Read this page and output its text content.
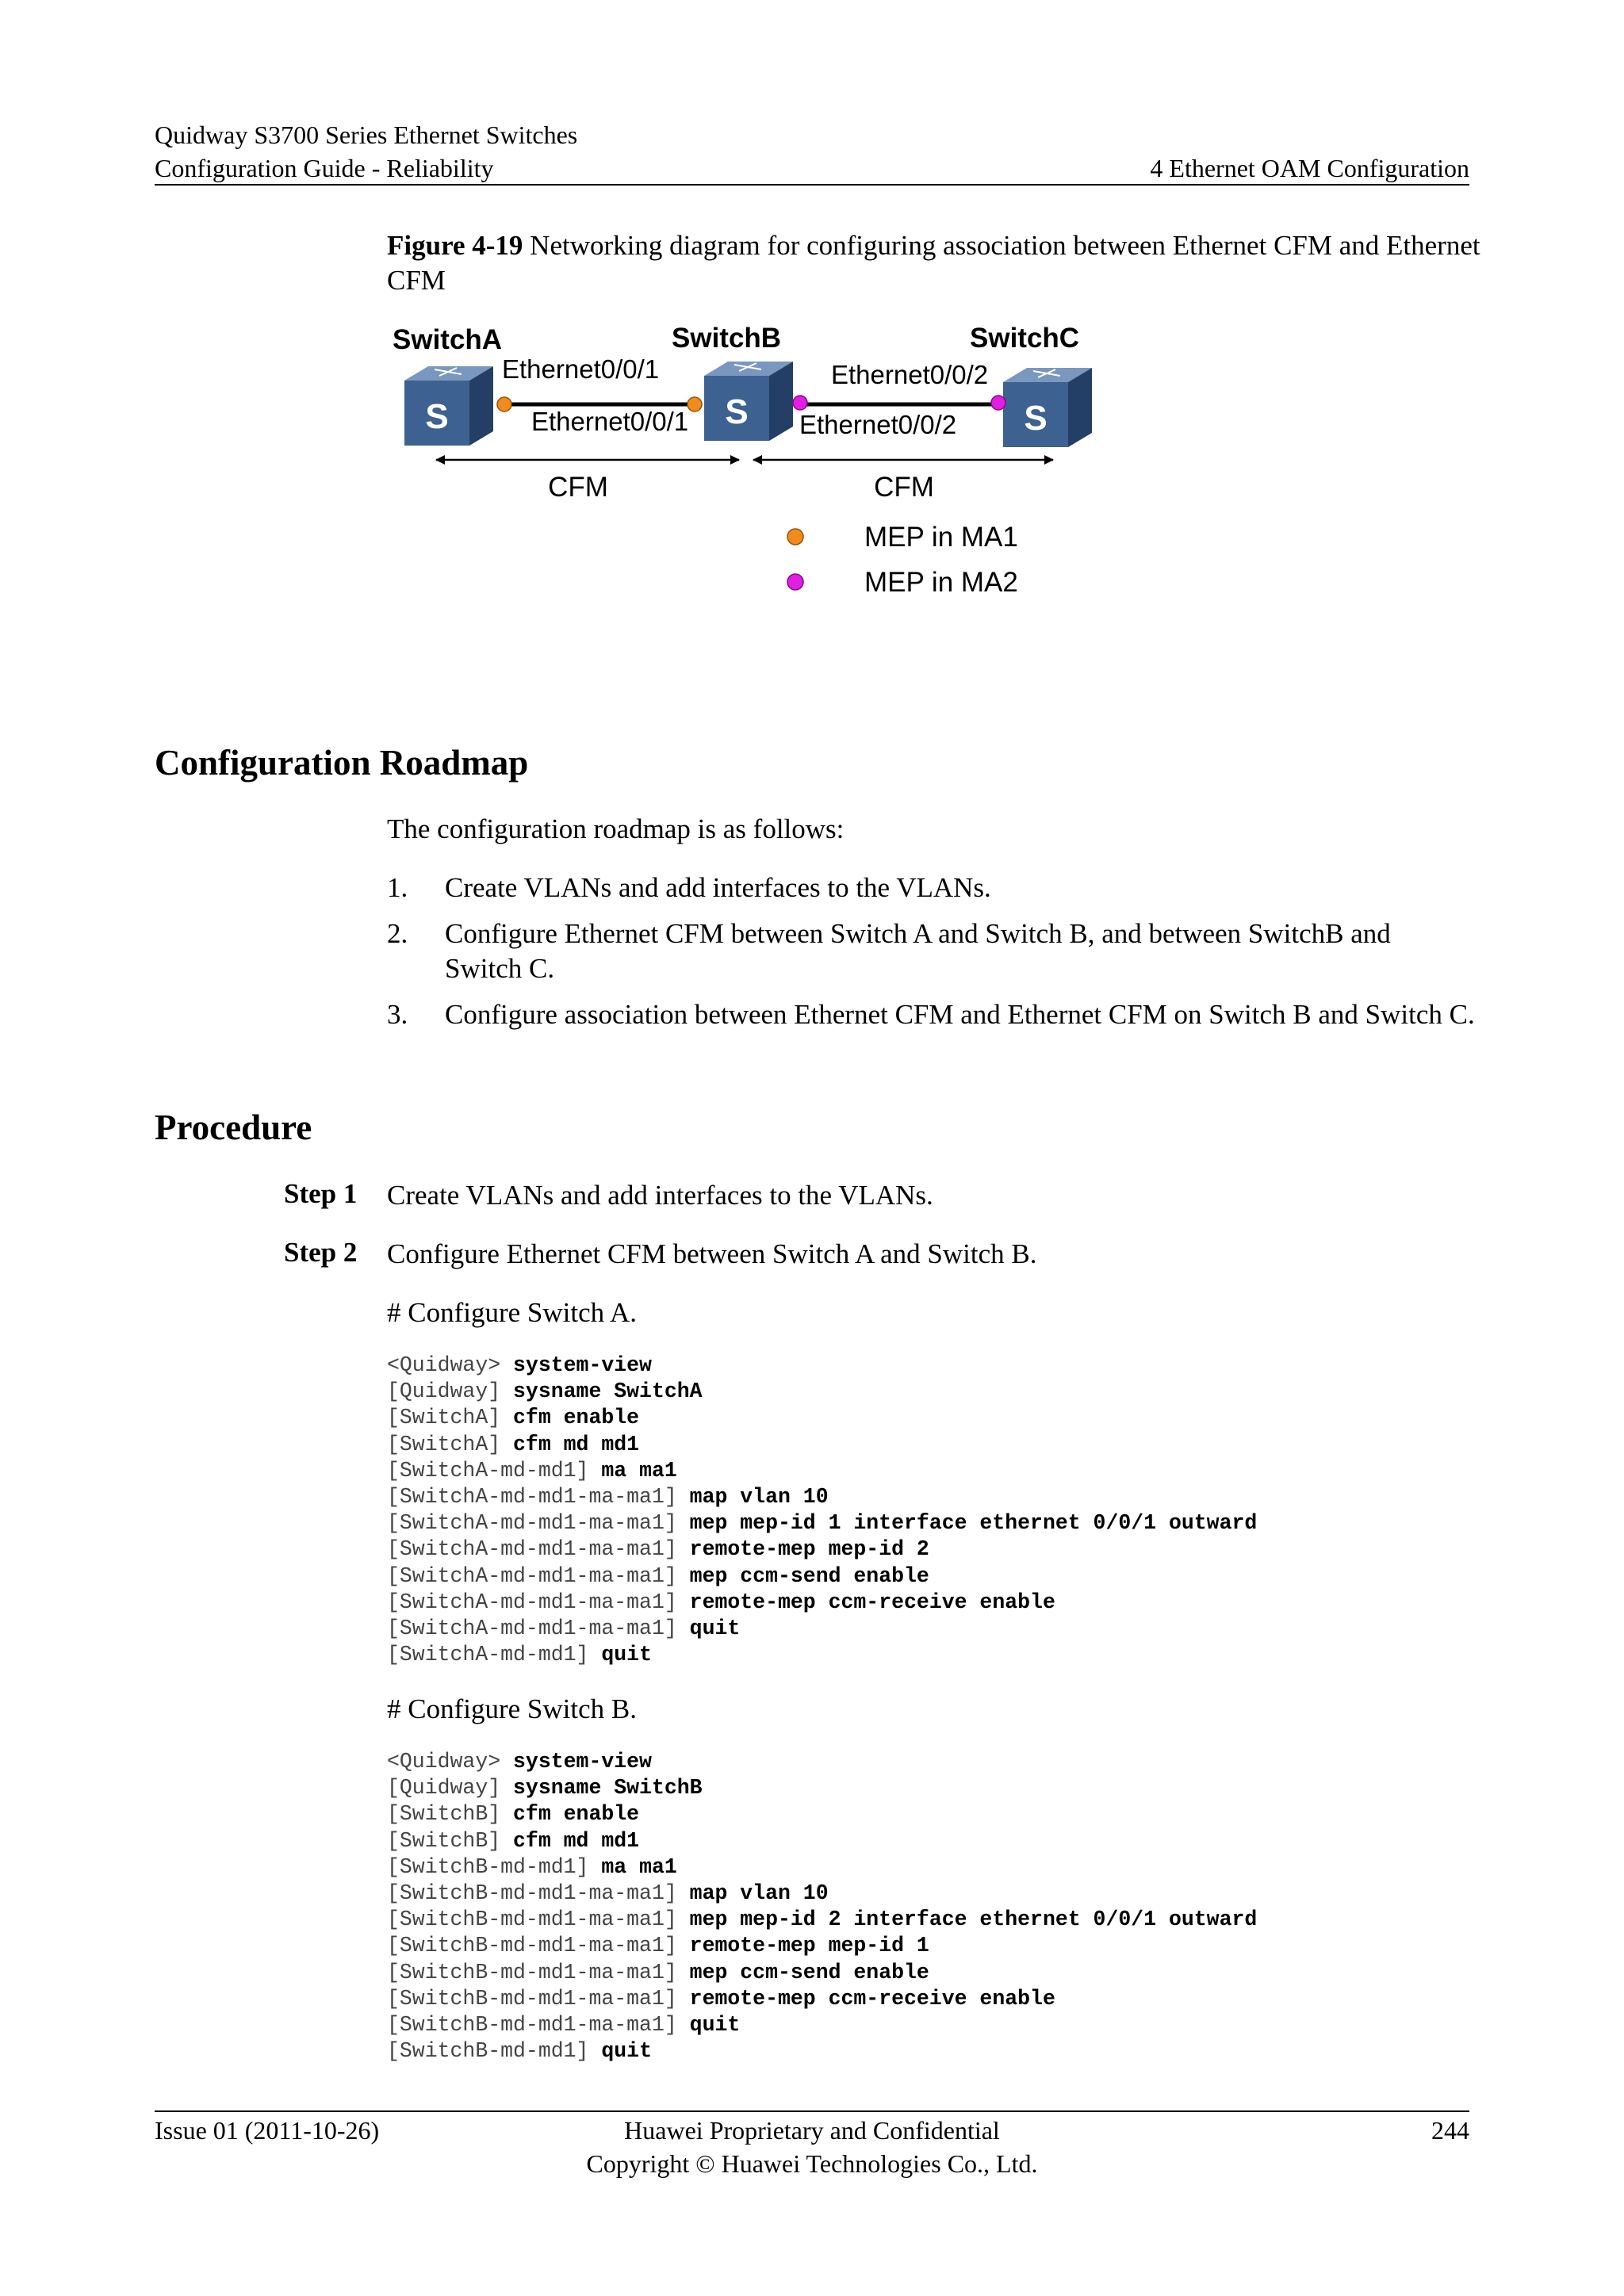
Quidway S3700 Series Ethernet Switches
Configuration Guide - Reliability	4 Ethernet OAM Configuration
Figure 4-19 Networking diagram for configuring association between Ethernet CFM and Ethernet CFM
SwitchA	SwitchB	SwitchC
S	S	S
Ethernet0/0/1
Ethernet0/0/1
Ethernet0/0/2
Ethernet0/0/2
CFM	CFM
MEP in MA1
MEP in MA2
Configuration Roadmap
The configuration roadmap is as follows:
1. Create VLANs and add interfaces to the VLANs.
2. Configure Ethernet CFM between Switch A and Switch B, and between SwitchB and Switch C.
3. Configure association between Ethernet CFM and Ethernet CFM on Switch B and Switch C.
Procedure
Step 1 Create VLANs and add interfaces to the VLANs.
Step 2 Configure Ethernet CFM between Switch A and Switch B.
# Configure Switch A.
<Quidway> system-view
[Quidway] sysname SwitchA
[SwitchA] cfm enable
[SwitchA] cfm md md1
[SwitchA-md-md1] ma ma1
[SwitchA-md-md1-ma-ma1] map vlan 10
[SwitchA-md-md1-ma-ma1] mep mep-id 1 interface ethernet 0/0/1 outward
[SwitchA-md-md1-ma-ma1] remote-mep mep-id 2
[SwitchA-md-md1-ma-ma1] mep ccm-send enable
[SwitchA-md-md1-ma-ma1] remote-mep ccm-receive enable
[SwitchA-md-md1-ma-ma1] quit
[SwitchA-md-md1] quit
# Configure Switch B.
<Quidway> system-view
[Quidway] sysname SwitchB
[SwitchB] cfm enable
[SwitchB] cfm md md1
[SwitchB-md-md1] ma ma1
[SwitchB-md-md1-ma-ma1] map vlan 10
[SwitchB-md-md1-ma-ma1] mep mep-id 2 interface ethernet 0/0/1 outward
[SwitchB-md-md1-ma-ma1] remote-mep mep-id 1
[SwitchB-md-md1-ma-ma1] mep ccm-send enable
[SwitchB-md-md1-ma-ma1] remote-mep ccm-receive enable
[SwitchB-md-md1-ma-ma1] quit
[SwitchB-md-md1] quit
Issue 01 (2011-10-26)	Huawei Proprietary and Confidential
Copyright © Huawei Technologies Co., Ltd.
244
